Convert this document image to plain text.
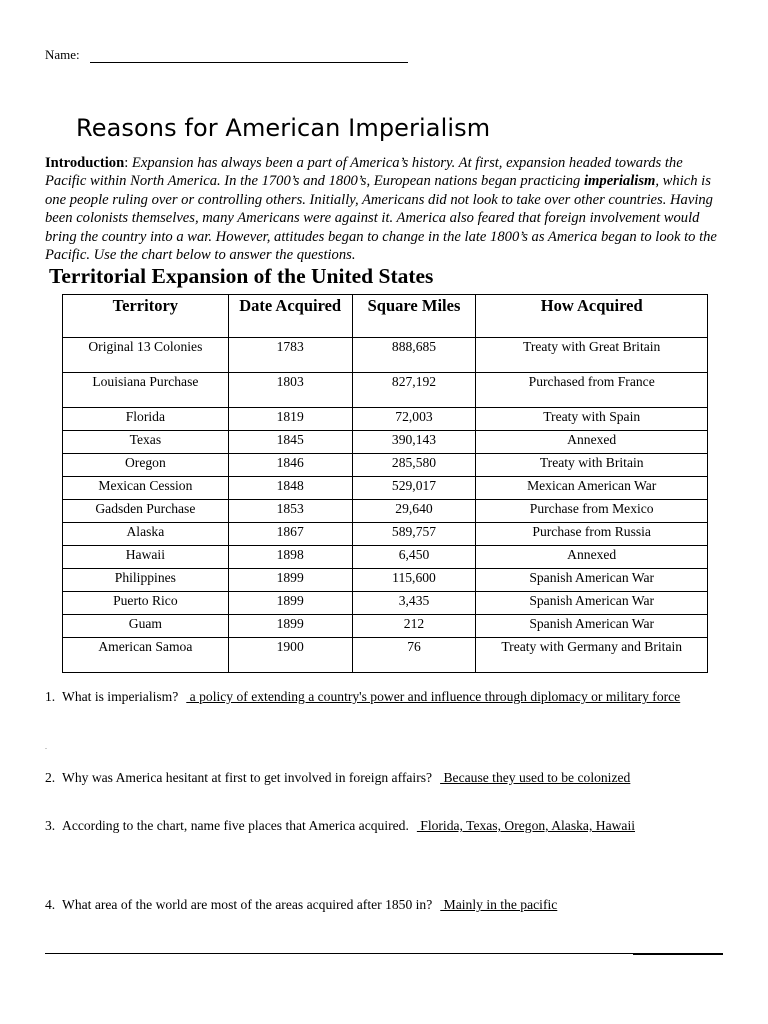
Name:
Reasons for American Imperialism

Introduction: Expansion has always been a part of America’s history. At first, expansion headed towards the Pacific within North America. In the 1700’s and 1800’s, European nations began practicing imperialism, which is one people ruling over or controlling others. Initially, Americans did not look to take over other countries. Having been colonists themselves, many Americans were against it. America also feared that foreign involvement would bring the country into a war. However, attitudes began to change in the late 1800’s as America began to look to the Pacific. Use the chart below to answer the questions.

Territorial Expansion of the United States
Territory	Date Acquired	Square Miles	How Acquired
Original 13 Colonies	1783	888,685	Treaty with Great Britain
Louisiana Purchase	1803	827,192	Purchased from France
Florida	1819	72,003	Treaty with Spain
Texas	1845	390,143	Annexed
Oregon	1846	285,580	Treaty with Britain
Mexican Cession	1848	529,017	Mexican American War
Gadsden Purchase	1853	29,640	Purchase from Mexico
Alaska	1867	589,757	Purchase from Russia
Hawaii	1898	6,450	Annexed
Philippines	1899	115,600	Spanish American War
Puerto Rico	1899	3,435	Spanish American War
Guam	1899	212	Spanish American War
American Samoa	1900	76	Treaty with Germany and Britain
1. What is imperialism? a policy of extending a country's power and influence through diplomacy or military force
.
2. Why was America hesitant at first to get involved in foreign affairs? Because they used to be colonized
3. According to the chart, name five places that America acquired. Florida, Texas, Oregon, Alaska, Hawaii
4. What area of the world are most of the areas acquired after 1850 in? Mainly in the pacific
